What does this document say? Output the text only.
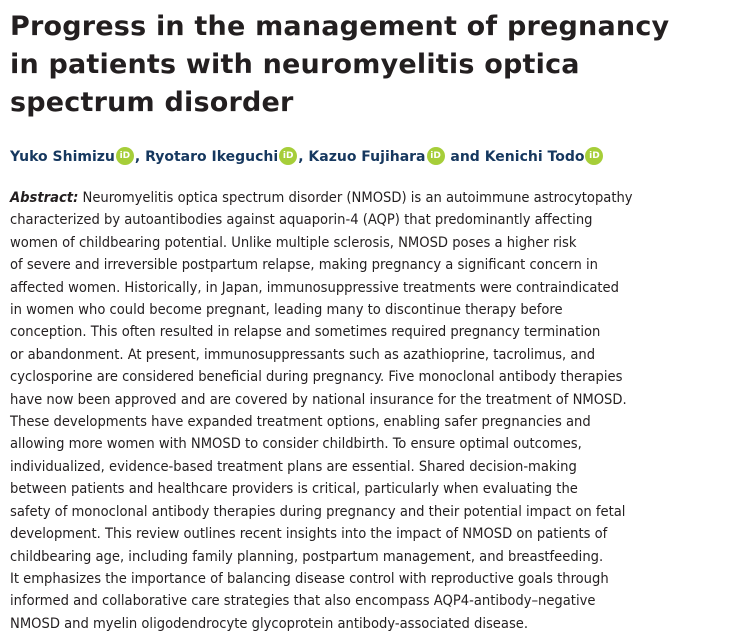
Progress in the management of pregnancy
in patients with neuromyelitis optica
spectrum disorder
Yuko Shimizu iD , Ryotaro Ikeguchi iD , Kazuo Fujihara iD and Kenichi Todo iD
Abstract: Neuromyelitis optica spectrum disorder (NMOSD) is an autoimmune astrocytopathy
characterized by autoantibodies against aquaporin-4 (AQP) that predominantly affecting
women of childbearing potential. Unlike multiple sclerosis, NMOSD poses a higher risk
of severe and irreversible postpartum relapse, making pregnancy a significant concern in
affected women. Historically, in Japan, immunosuppressive treatments were contraindicated
in women who could become pregnant, leading many to discontinue therapy before
conception. This often resulted in relapse and sometimes required pregnancy termination
or abandonment. At present, immunosuppressants such as azathioprine, tacrolimus, and
cyclosporine are considered beneficial during pregnancy. Five monoclonal antibody therapies
have now been approved and are covered by national insurance for the treatment of NMOSD.
These developments have expanded treatment options, enabling safer pregnancies and
allowing more women with NMOSD to consider childbirth. To ensure optimal outcomes,
individualized, evidence-based treatment plans are essential. Shared decision-making
between patients and healthcare providers is critical, particularly when evaluating the
safety of monoclonal antibody therapies during pregnancy and their potential impact on fetal
development. This review outlines recent insights into the impact of NMOSD on patients of
childbearing age, including family planning, postpartum management, and breastfeeding.
It emphasizes the importance of balancing disease control with reproductive goals through
informed and collaborative care strategies that also encompass AQP4-antibody–negative
NMOSD and myelin oligodendrocyte glycoprotein antibody-associated disease.
